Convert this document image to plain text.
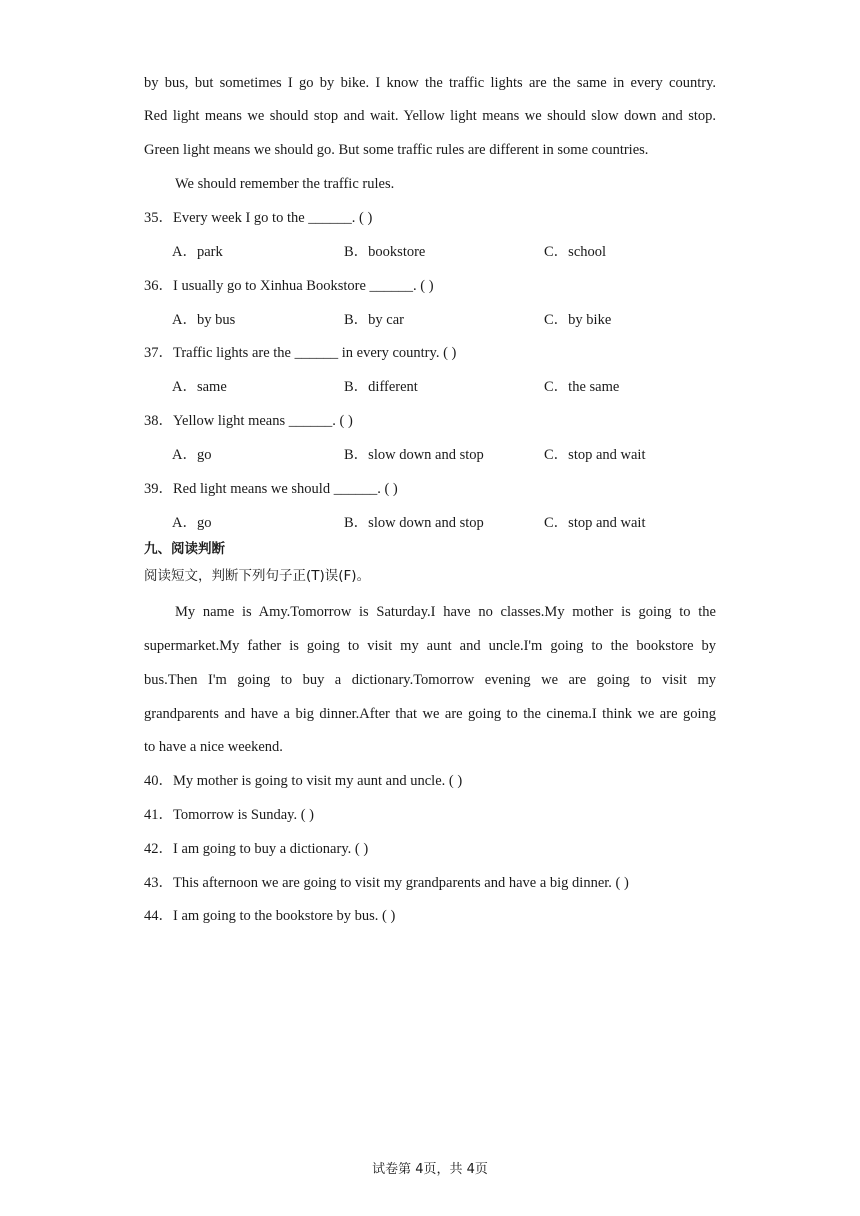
by bus, but sometimes I go by bike. I know the traffic lights are the same in every country.
Red light means we should stop and wait. Yellow light means we should slow down and stop.
Green light means we should go. But some traffic rules are different in some countries.
We should remember the traffic rules.
35．Every week I go to the ______. ( )
A．park	B．bookstore	C．school
36．I usually go to Xinhua Bookstore ______. ( )
A．by bus	B．by car	C．by bike
37．Traffic lights are the ______ in every country. ( )
A．same	B．different	C．the same
38．Yellow light means ______. ( )
A．go	B．slow down and stop	C．stop and wait
39．Red light means we should ______. ( )
A．go	B．slow down and stop	C．stop and wait
九、阅读判断
阅读短文，判断下列句子正(T)误(F)。
My name is Amy.Tomorrow is Saturday.I have no classes.My mother is going to the
supermarket.My father is going to visit my aunt and uncle.I'm going to the bookstore by
bus.Then I'm going to buy a dictionary.Tomorrow evening we are going to visit my
grandparents and have a big dinner.After that we are going to the cinema.I think we are going
to have a nice weekend.
40．My mother is going to visit my aunt and uncle. ( )
41．Tomorrow is Sunday. ( )
42．I am going to buy a dictionary. ( )
43．This afternoon we are going to visit my grandparents and have a big dinner. ( )
44．I am going to the bookstore by bus. ( )
试卷第 4页，共 4页
